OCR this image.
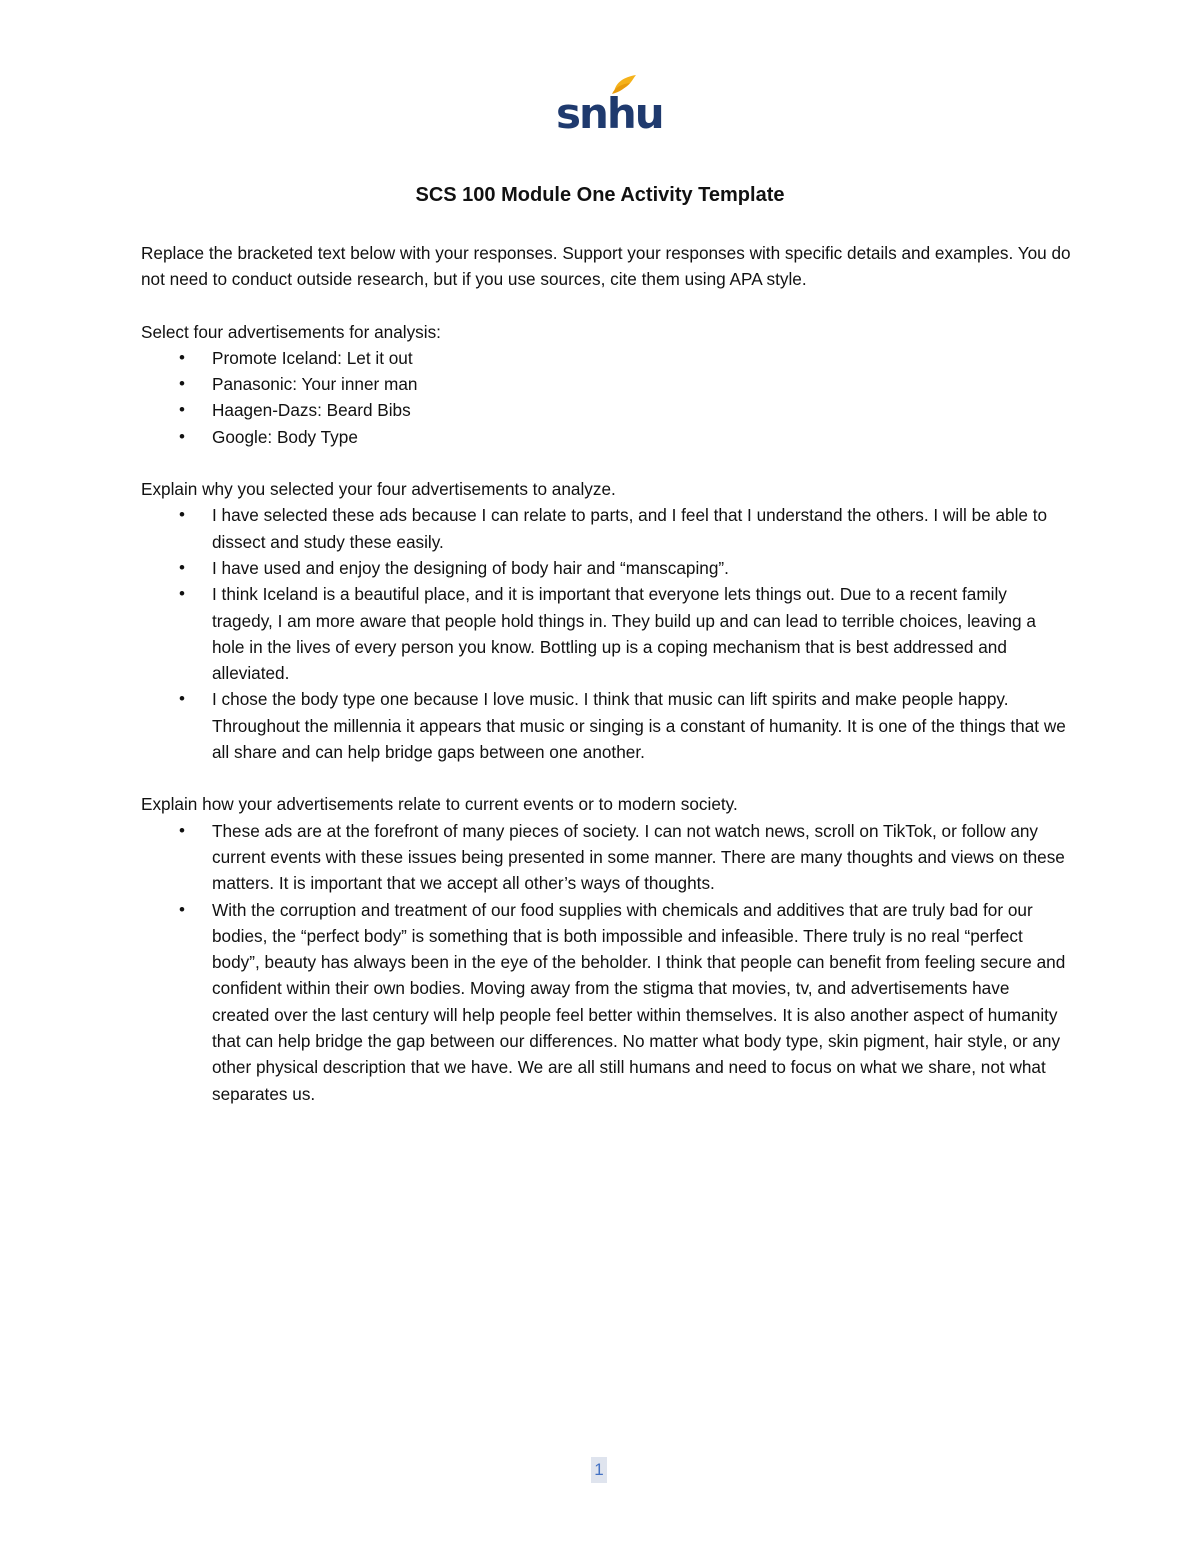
snhu
SCS 100 Module One Activity Template

Replace the bracketed text below with your responses. Support your responses with specific details and examples. You do not need to conduct outside research, but if you use sources, cite them using APA style.

Select four advertisements for analysis:

• Promote Iceland: Let it out
• Panasonic: Your inner man
• Haagen-Dazs: Beard Bibs
• Google: Body Type

Explain why you selected your four advertisements to analyze.

• I have selected these ads because I can relate to parts, and I feel that I understand the others. I will be able to dissect and study these easily.
• I have used and enjoy the designing of body hair and “manscaping”.
• I think Iceland is a beautiful place, and it is important that everyone lets things out. Due to a recent family tragedy, I am more aware that people hold things in. They build up and can lead to terrible choices, leaving a hole in the lives of every person you know. Bottling up is a coping mechanism that is best addressed and alleviated.
• I chose the body type one because I love music. I think that music can lift spirits and make people happy. Throughout the millennia it appears that music or singing is a constant of humanity. It is one of the things that we all share and can help bridge gaps between one another.

Explain how your advertisements relate to current events or to modern society.

• These ads are at the forefront of many pieces of society. I can not watch news, scroll on TikTok, or follow any current events with these issues being presented in some manner. There are many thoughts and views on these matters. It is important that we accept all other’s ways of thoughts.
• With the corruption and treatment of our food supplies with chemicals and additives that are truly bad for our bodies, the “perfect body” is something that is both impossible and infeasible. There truly is no real “perfect body”, beauty has always been in the eye of the beholder. I think that people can benefit from feeling secure and confident within their own bodies. Moving away from the stigma that movies, tv, and advertisements have created over the last century will help people feel better within themselves. It is also another aspect of humanity that can help bridge the gap between our differences. No matter what body type, skin pigment, hair style, or any other physical description that we have. We are all still humans and need to focus on what we share, not what separates us.
1
